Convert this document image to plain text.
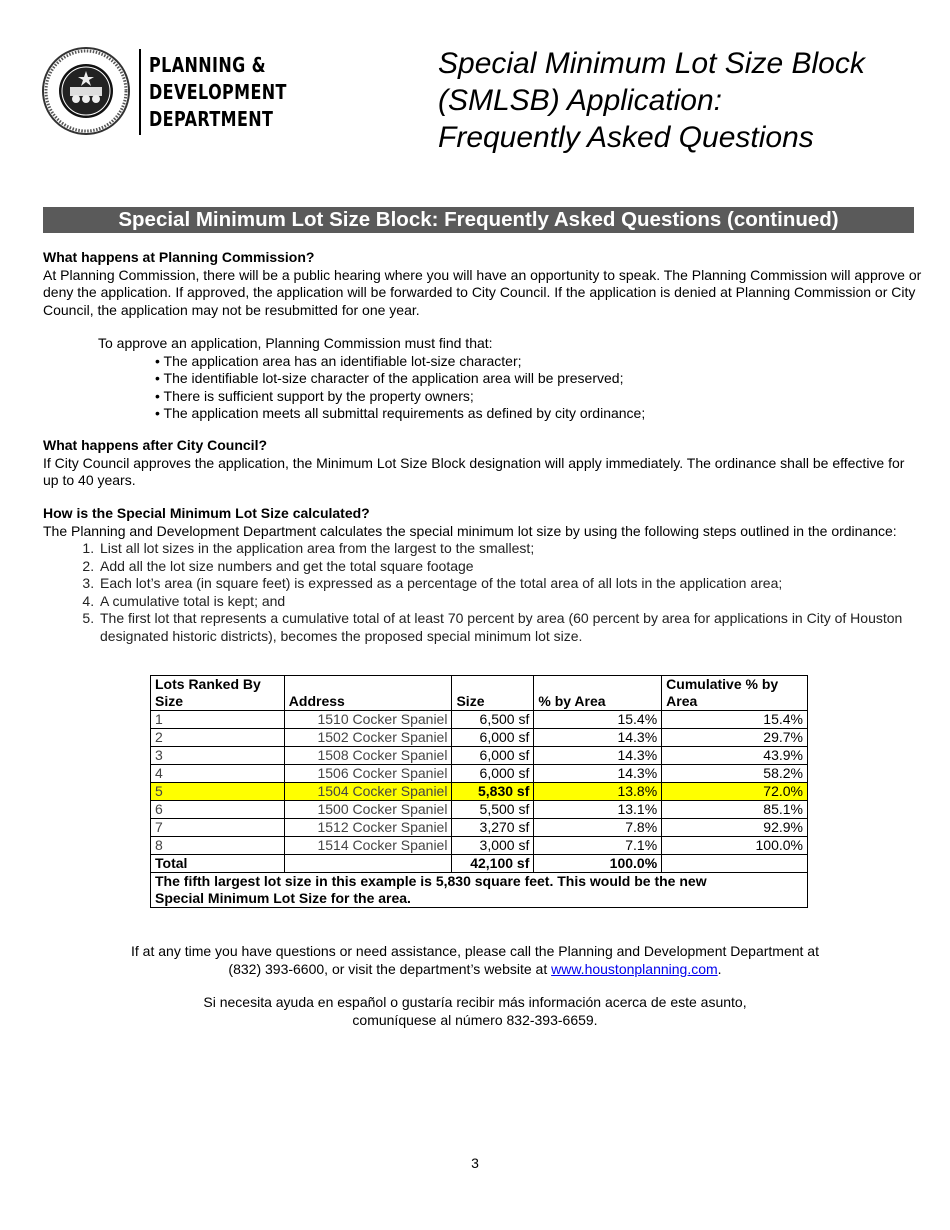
PLANNING &
DEVELOPMENT
DEPARTMENT
Special Minimum Lot Size Block
(SMLSB) Application:
Frequently Asked Questions
Special Minimum Lot Size Block: Frequently Asked Questions (continued)
What happens at Planning Commission?

At Planning Commission, there will be a public hearing where you will have an opportunity to speak. The Planning Commission will approve or deny the application. If approved, the application will be forwarded to City Council. If the application is denied at Planning Commission or City Council, the application may not be resubmitted for one year.

To approve an application, Planning Commission must find that:

• The application area has an identifiable lot-size character;
• The identifiable lot-size character of the application area will be preserved;
• There is sufficient support by the property owners;
• The application meets all submittal requirements as defined by city ordinance;
What happens after City Council?

If City Council approves the application, the Minimum Lot Size Block designation will apply immediately. The ordinance shall be effective for up to 40 years.

How is the Special Minimum Lot Size calculated?

The Planning and Development Department calculates the special minimum lot size by using the following steps outlined in the ordinance:

1. List all lot sizes in the application area from the largest to the smallest;
2. Add all the lot size numbers and get the total square footage
3. Each lot’s area (in square feet) is expressed as a percentage of the total area of all lots in the application area;
4. A cumulative total is kept; and
5. The first lot that represents a cumulative total of at least 70 percent by area (60 percent by area for applications in City of Houston designated historic districts), becomes the proposed special minimum lot size.
Lots Ranked By Size	Address	Size	% by Area	Cumulative % by Area
1	1510 Cocker Spaniel	6,500 sf	15.4%	15.4%
2	1502 Cocker Spaniel	6,000 sf	14.3%	29.7%
3	1508 Cocker Spaniel	6,000 sf	14.3%	43.9%
4	1506 Cocker Spaniel	6,000 sf	14.3%	58.2%
5	1504 Cocker Spaniel	5,830 sf	13.8%	72.0%
6	1500 Cocker Spaniel	5,500 sf	13.1%	85.1%
7	1512 Cocker Spaniel	3,270 sf	7.8%	92.9%
8	1514 Cocker Spaniel	3,000 sf	7.1%	100.0%
Total		42,100 sf	100.0%	
The fifth largest lot size in this example is 5,830 square feet. This would be the new Special Minimum Lot Size for the area.				
If at any time you have questions or need assistance, please call the Planning and Development Department at
(832) 393-6600, or visit the department’s website at www.houstonplanning.com.
Si necesita ayuda en español o gustaría recibir más información acerca de este asunto,
comuníquese al número 832-393-6659.
3
